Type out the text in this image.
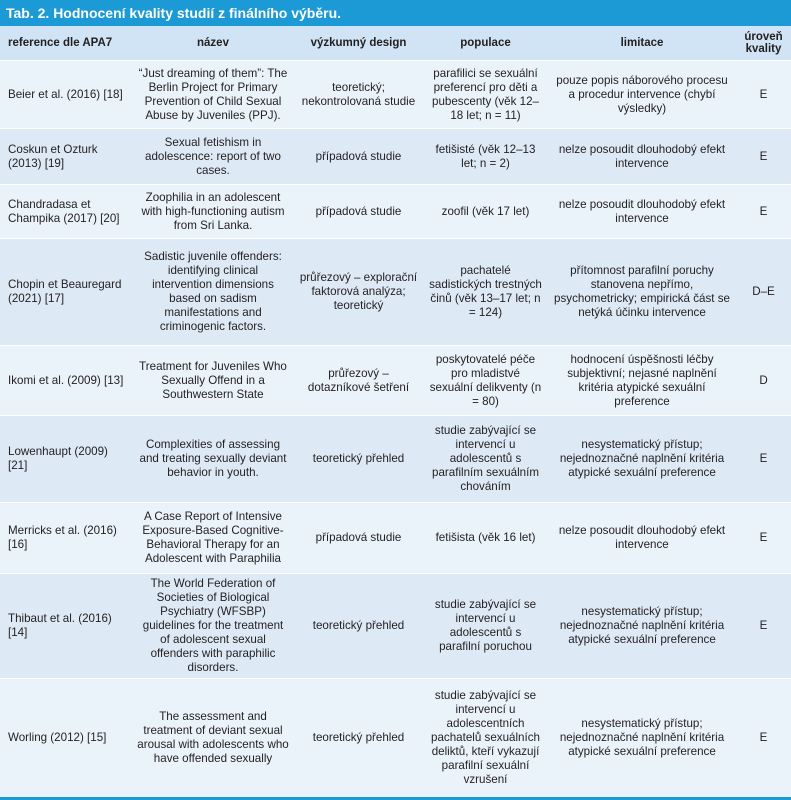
Tab. 2. Hodnocení kvality studií z finálního výběru.
reference dle APA7	název	výzkumný design	populace	limitace	úroveň
kvality
Beier et al. (2016) [18]	“Just dreaming of them”: The Berlin Project for Primary Prevention of Child Sexual Abuse by Juveniles (PPJ).	teoretický; nekontrolovaná studie	parafilici se sexuální preferencí pro děti a pubescenty (věk 12–18 let; n = 11)	pouze popis náborového procesu a procedur intervence (chybí výsledky)	E
Coskun et Ozturk (2013) [19]	Sexual fetishism in adolescence: report of two cases.	případová studie	fetišisté (věk 12–13 let; n = 2)	nelze posoudit dlouhodobý efekt intervence	E
Chandradasa et Champika (2017) [20]	Zoophilia in an adolescent with high-functioning autism from Sri Lanka.	případová studie	zoofil (věk 17 let)	nelze posoudit dlouhodobý efekt intervence	E
Chopin et Beauregard (2021) [17]	Sadistic juvenile offenders: identifying clinical intervention dimensions based on sadism manifestations and criminogenic factors.	průřezový – explorační faktorová analýza; teoretický	pachatelé sadistických trestných činů (věk 13–17 let; n = 124)	přítomnost parafilní poruchy stanovena nepřímo, psychometricky; empirická část se netýká účinku intervence	D–E
Ikomi et al. (2009) [13]	Treatment for Juveniles Who Sexually Offend in a Southwestern State	průřezový – dotazníkové šetření	poskytovatelé péče pro mladistvé sexuální delikventy (n = 80)	hodnocení úspěšnosti léčby subjektivní; nejasné naplnění kritéria atypické sexuální preference	D
Lowenhaupt (2009) [21]	Complexities of assessing and treating sexually deviant behavior in youth.	teoretický přehled	studie zabývající se intervencí u adolescentů s parafilním sexuálním chováním	nesystematický přístup; nejednoznačné naplnění kritéria atypické sexuální preference	E
Merricks et al. (2016) [16]	A Case Report of Intensive Exposure-Based Cognitive-Behavioral Therapy for an Adolescent with Paraphilia	případová studie	fetišista (věk 16 let)	nelze posoudit dlouhodobý efekt intervence	E
Thibaut et al. (2016) [14]	The World Federation of Societies of Biological Psychiatry (WFSBP) guidelines for the treatment of adolescent sexual offenders with paraphilic disorders.	teoretický přehled	studie zabývající se intervencí u adolescentů s parafilní poruchou	nesystematický přístup; nejednoznačné naplnění kritéria atypické sexuální preference	E
Worling (2012) [15]	The assessment and treatment of deviant sexual arousal with adolescents who have offended sexually	teoretický přehled	studie zabývající se intervencí u adolescentních pachatelů sexuálních deliktů, kteří vykazují parafilní sexuální vzrušení	nesystematický přístup; nejednoznačné naplnění kritéria atypické sexuální preference	E
